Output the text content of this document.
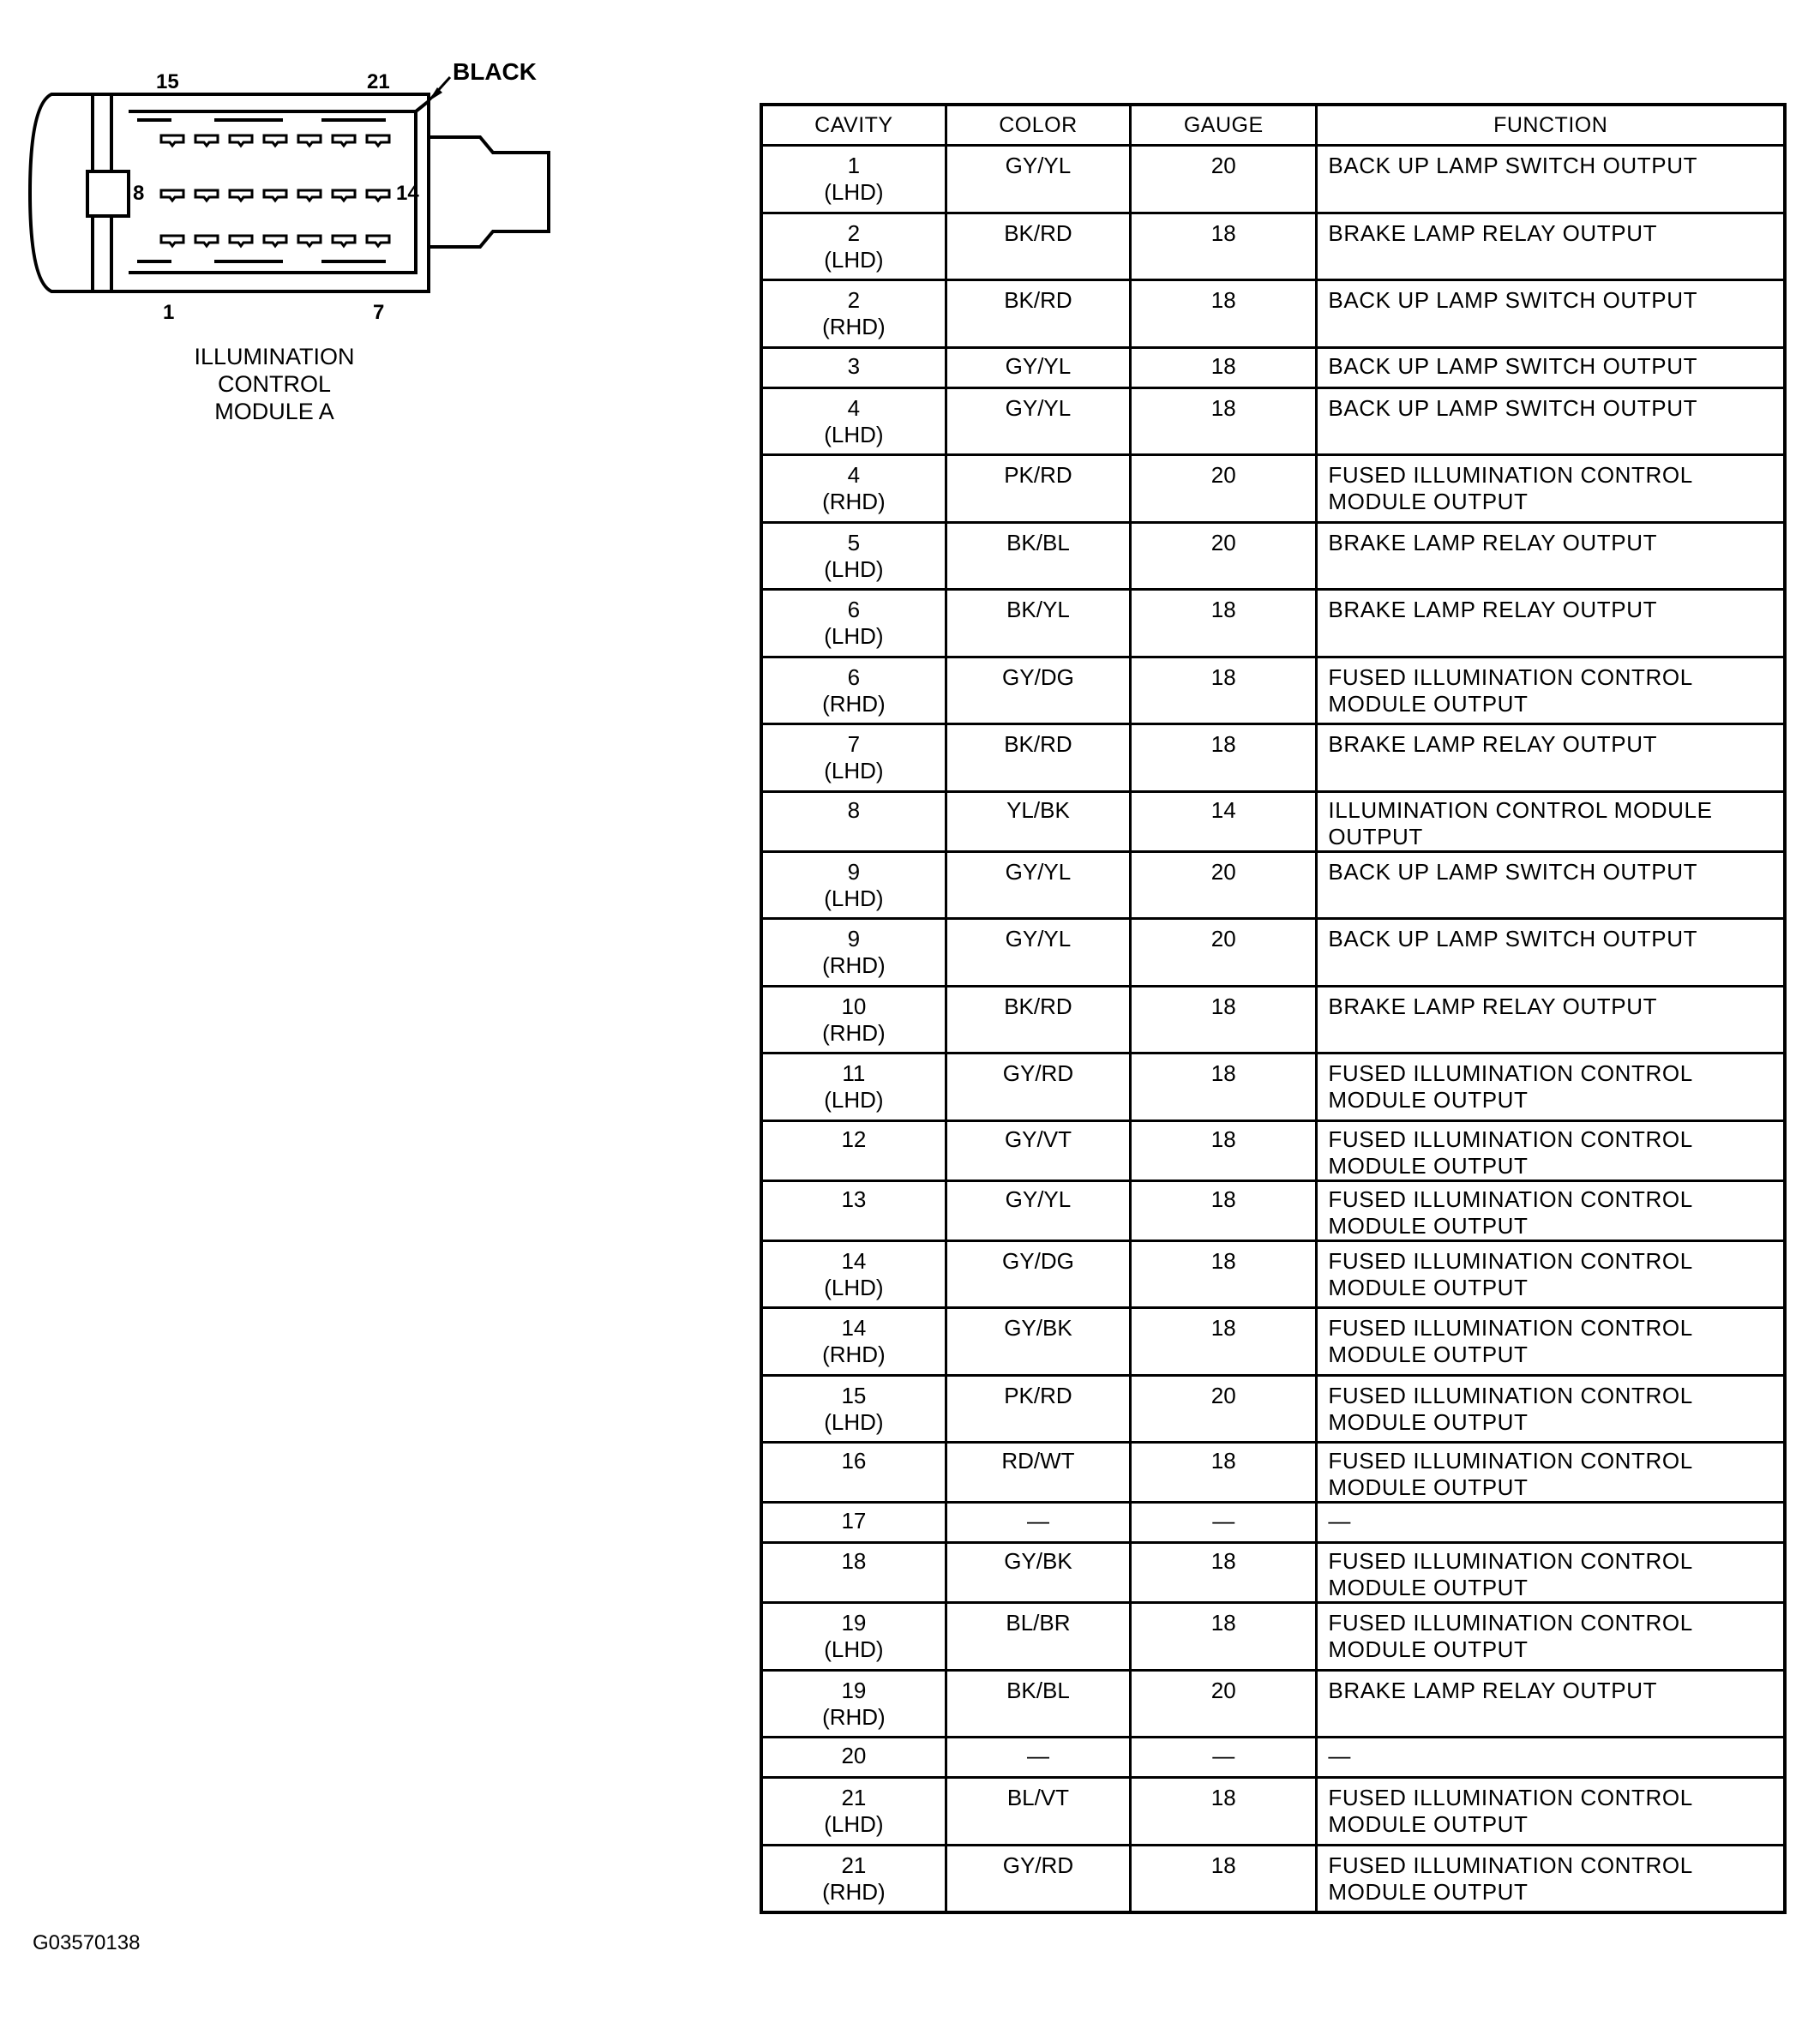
BLACK
15	21
8	14
1	7
ILLUMINATION
CONTROL
MODULE A
G03570138
CAVITY	COLOR	GAUGE	FUNCTION

1
(LHD)	GY/YL	20	BACK UP LAMP SWITCH OUTPUT

2
(LHD)	BK/RD	18	BRAKE LAMP RELAY OUTPUT

2
(RHD)	BK/RD	18	BACK UP LAMP SWITCH OUTPUT

3	GY/YL	18	BACK UP LAMP SWITCH OUTPUT

4
(LHD)	GY/YL	18	BACK UP LAMP SWITCH OUTPUT

4
(RHD)	PK/RD	20	FUSED ILLUMINATION CONTROL MODULE OUTPUT

5
(LHD)	BK/BL	20	BRAKE LAMP RELAY OUTPUT

6
(LHD)	BK/YL	18	BRAKE LAMP RELAY OUTPUT

6
(RHD)	GY/DG	18	FUSED ILLUMINATION CONTROL MODULE OUTPUT

7
(LHD)	BK/RD	18	BRAKE LAMP RELAY OUTPUT

8	YL/BK	14	ILLUMINATION CONTROL MODULE OUTPUT

9
(LHD)	GY/YL	20	BACK UP LAMP SWITCH OUTPUT

9
(RHD)	GY/YL	20	BACK UP LAMP SWITCH OUTPUT

10
(RHD)	BK/RD	18	BRAKE LAMP RELAY OUTPUT

11
(LHD)	GY/RD	18	FUSED ILLUMINATION CONTROL MODULE OUTPUT

12	GY/VT	18	FUSED ILLUMINATION CONTROL MODULE OUTPUT

13	GY/YL	18	FUSED ILLUMINATION CONTROL MODULE OUTPUT

14
(LHD)	GY/DG	18	FUSED ILLUMINATION CONTROL MODULE OUTPUT

14
(RHD)	GY/BK	18	FUSED ILLUMINATION CONTROL MODULE OUTPUT

15
(LHD)	PK/RD	20	FUSED ILLUMINATION CONTROL MODULE OUTPUT

16	RD/WT	18	FUSED ILLUMINATION CONTROL MODULE OUTPUT

17	—	—	—

18	GY/BK	18	FUSED ILLUMINATION CONTROL MODULE OUTPUT

19
(LHD)	BL/BR	18	FUSED ILLUMINATION CONTROL MODULE OUTPUT

19
(RHD)	BK/BL	20	BRAKE LAMP RELAY OUTPUT

20	—	—	—

21
(LHD)	BL/VT	18	FUSED ILLUMINATION CONTROL MODULE OUTPUT

21
(RHD)	GY/RD	18	FUSED ILLUMINATION CONTROL MODULE OUTPUT
